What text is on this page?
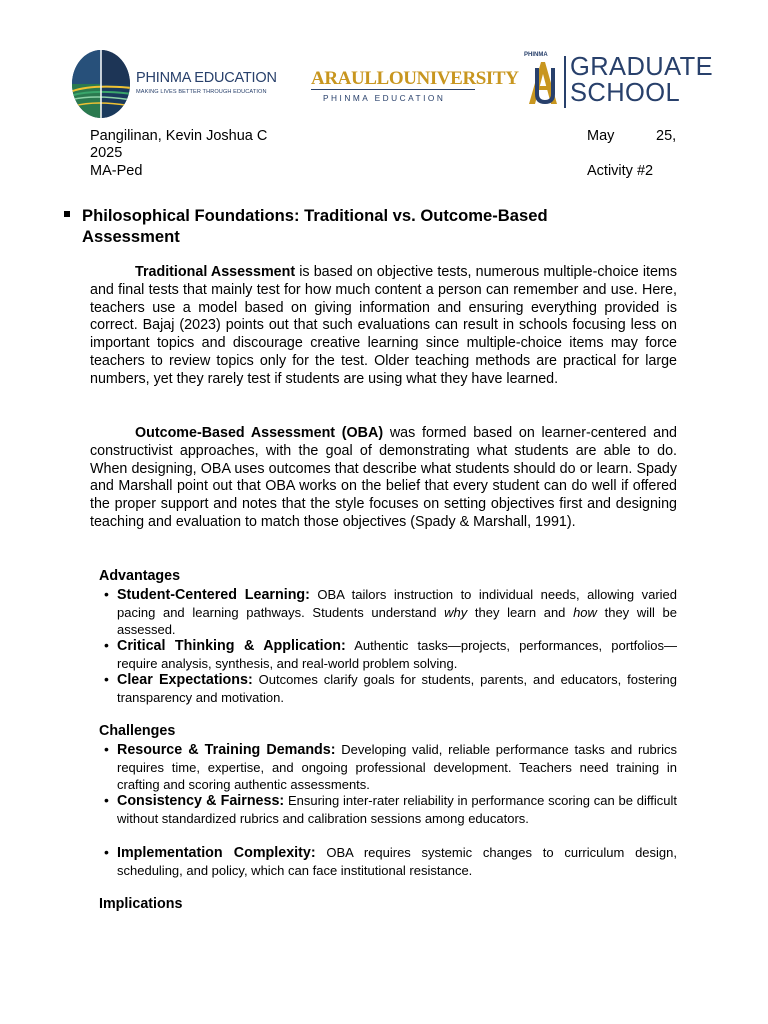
PHINMA EDUCATION
MAKING LIVES BETTER THROUGH EDUCATION
ARAULLOUNIVERSITY
PHINMA EDUCATION
PHINMA GRADUATE
SCHOOL
Pangilinan, Kevin Joshua C	May	25,
2025
MA-Ped	Activity #2
Philosophical Foundations: Traditional vs. Outcome-Based Assessment
Traditional Assessment is based on objective tests, numerous multiple-choice items and final tests that mainly test for how much content a person can remember and use. Here, teachers use a model based on giving information and ensuring everything provided is correct. Bajaj (2023) points out that such evaluations can result in schools focusing less on important topics and discourage creative learning since multiple-choice items may force teachers to review topics only for the test. Older teaching methods are practical for large numbers, yet they rarely test if students are using what they have learned.
Outcome-Based Assessment (OBA) was formed based on learner-centered and constructivist approaches, with the goal of demonstrating what students are able to do. When designing, OBA uses outcomes that describe what students should do or learn. Spady and Marshall point out that OBA works on the belief that every student can do well if offered the proper support and notes that the style focuses on setting objectives first and designing teaching and evaluation to match those objectives (Spady & Marshall, 1991).
Advantages
• Student-Centered Learning: OBA tailors instruction to individual needs, allowing varied pacing and learning pathways. Students understand why they learn and how they will be assessed.
• Critical Thinking & Application: Authentic tasks—projects, performances, portfolios—require analysis, synthesis, and real-world problem solving.
• Clear Expectations: Outcomes clarify goals for students, parents, and educators, fostering transparency and motivation.
Challenges
• Resource & Training Demands: Developing valid, reliable performance tasks and rubrics requires time, expertise, and ongoing professional development. Teachers need training in crafting and scoring authentic assessments.
• Consistency & Fairness: Ensuring inter-rater reliability in performance scoring can be difficult without standardized rubrics and calibration sessions among educators.
• Implementation Complexity: OBA requires systemic changes to curriculum design, scheduling, and policy, which can face institutional resistance.
Implications
